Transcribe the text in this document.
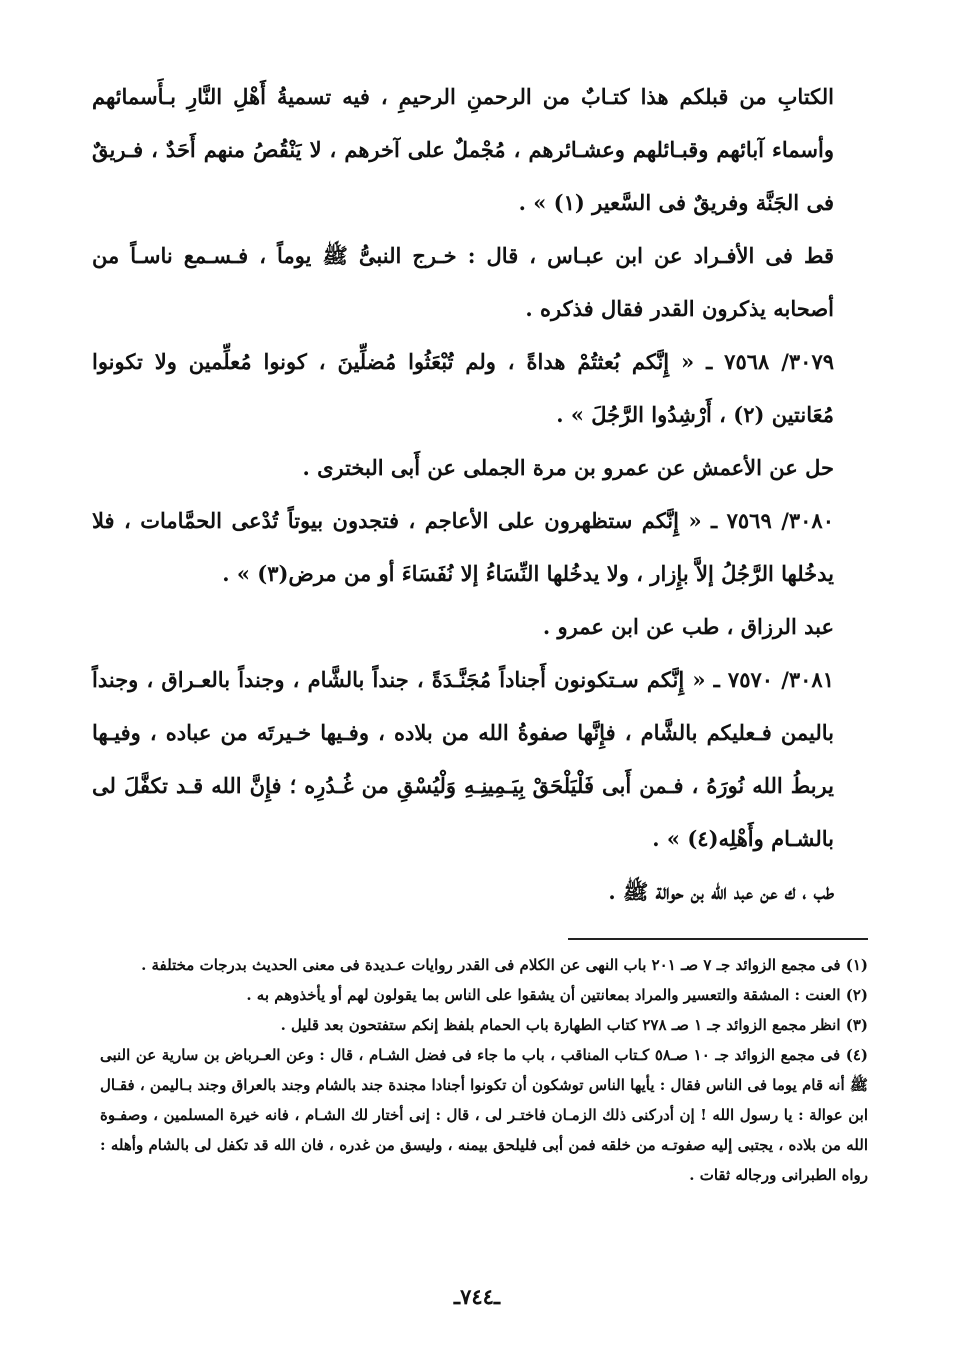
الكتابِ من قبلكم هذا كتـابٌ من الرحمنِ الرحيمِ ، فيه تسميةُ أَهْلِ النَّارِ بـأَسمائهم وأسماء آبائهم وقبـائلهم وعشـائرهم ، مُجْملٌ على آخرهم ، لا يَنْقُصُ منهم أَحَدٌ ، فـريقٌ فى الجَنَّة وفريقٌ فى السَّعير (١) » .

قط فى الأفـراد عن ابن عبـاس ، قال : خـرج النبىُّ ﷺ يوماً ، فـسـمع ناسـاً من أصحابه يذكرون القدر فقال فذكره .

٣٠٧٩/ ٧٥٦٨ ـ « إِنَّكم بُعثتُمْ هداةً ، ولم تُبْعَثُوا مُضلِّينَ ، كونوا مُعلِّمين ولا تكونوا مُعَانتين (٢) ، أَرْشِدُوا الرَّجُلَ » .

حل عن الأعمش عن عمرو بن مرة الجملى عن أَبى البخترى .

٣٠٨٠/ ٧٥٦٩ ـ « إِنَّكم ستظهرون على الأعاجم ، فتجدون بيوتاً تُدْعى الحمَّامات ، فلا يدخُلها الرَّجُلُ إلاَّ بإِزار ، ولا يدخُلها النِّسَاءُ إلا نُفَسَاءَ أو من مرض(٣) » .

عبد الرزاق ، طب عن ابن عمرو .

٣٠٨١/ ٧٥٧٠ ـ « إِنَّكم سـتكونون أَجناداً مُجَنَّـدَةً ، جنداً بالشَّام ، وجنداً بالعـراق ، وجنداً باليمن فـعليكم بالشَّام ، فإِنَّها صفوةُ الله من بلاده ، وفـيها خـيرتَه من عباده ، وفيـها يربطُ الله نُورَهُ ، فـمن أَبى فَلْيَلْحَقْ بِيَـمِينِـهِ وَلْيُسْقِ من غُـدُرِه ؛ فإِنَّ الله قـد تكفَّلَ لى بالشـام وأَهْلِه(٤) » .

طب ، ك عن عبد الله بن حوالة ﷺ .

(١) فى مجمع الزوائد جـ ٧ صـ ٢٠١ باب النهى عن الكلام فى القدر روايات عـديدة فى معنى الحديث بدرجات مختلفة .

(٢) العنت : المشقة والتعسير والمراد بمعانتين أن يشقوا على الناس بما يقولون لهم أو يأخذوهم به .

(٣) انظر مجمع الزوائد جـ ١ صـ ٢٧٨ كتاب الطهارة باب الحمام بلفظ إنكم ستفتحون بعد قليل .

(٤) فى مجمع الزوائد جـ ١٠ صـ٥٨ كـتاب المناقب ، باب ما جاء فى فضل الشـام ، قال : وعن العـرباض بن سارية عن النبى ﷺ أنه قام يوما فى الناس فقال : يأيها الناس توشكون أن تكونوا أجنادا مجندة جند بالشام وجند بالعراق وجند بـاليمن ، فقـال ابن عوالة : يا رسول الله ! إن أدركنى ذلك الزمـان فاختـر لى ، قال : إنى أختار لك الشـام ، فانه خيرة المسلمين ، وصفـوة الله من بلاده ، يجتبى إليه صفوتـه من خلقه فمن أبى فليلحق بيمنه ، وليسق من غدره ، فان الله قد تكفل لى بالشام وأهله : رواه الطبرانى ورجاله ثقات .

ـ٧٤٤ـ
